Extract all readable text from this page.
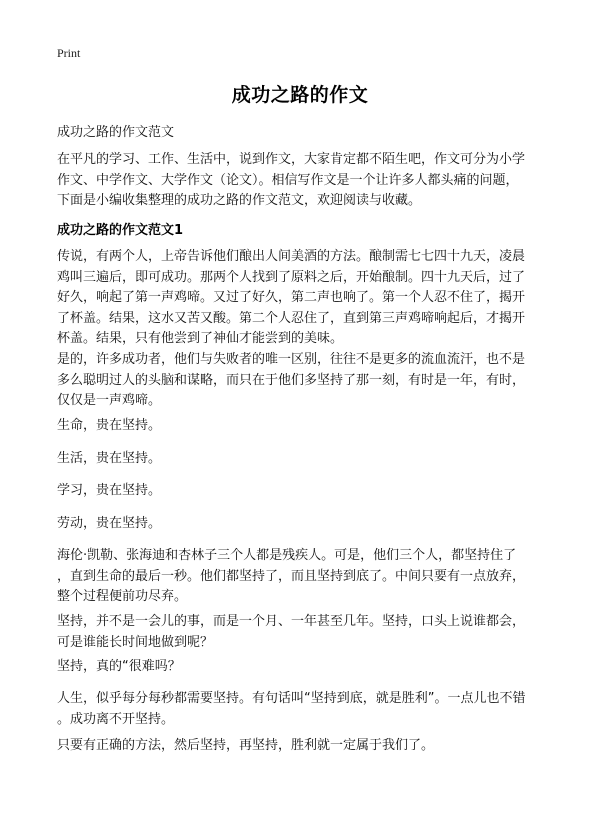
Print
成功之路的作文
成功之路的作文范文

在平凡的学习、工作、生活中，说到作文，大家肯定都不陌生吧，作文可分为小学
作文、中学作文、大学作文（论文）。相信写作文是一个让许多人都头痛的问题，
下面是小编收集整理的成功之路的作文范文，欢迎阅读与收藏。

成功之路的作文范文1

传说，有两个人，上帝告诉他们酿出人间美酒的方法。酿制需七七四十九天，凌晨
鸡叫三遍后，即可成功。那两个人找到了原料之后，开始酿制。四十九天后，过了
好久，响起了第一声鸡啼。又过了好久，第二声也响了。第一个人忍不住了，揭开
了杯盖。结果，这水又苦又酸。第二个人忍住了，直到第三声鸡啼响起后，才揭开
杯盖。结果，只有他尝到了神仙才能尝到的美味。

是的，许多成功者，他们与失败者的唯一区别，往往不是更多的流血流汗，也不是
多么聪明过人的头脑和谋略，而只在于他们多坚持了那一刻，有时是一年，有时，
仅仅是一声鸡啼。

生命，贵在坚持。

生活，贵在坚持。

学习，贵在坚持。

劳动，贵在坚持。

海伦·凯勒、张海迪和杏林子三个人都是残疾人。可是，他们三个人，都坚持住了
，直到生命的最后一秒。他们都坚持了，而且坚持到底了。中间只要有一点放弃，
整个过程便前功尽弃。

坚持，并不是一会儿的事，而是一个月、一年甚至几年。坚持，口头上说谁都会，
可是谁能长时间地做到呢？

坚持，真的“很难吗？

人生，似乎每分每秒都需要坚持。有句话叫“坚持到底，就是胜利”。一点儿也不错
。成功离不开坚持。

只要有正确的方法，然后坚持，再坚持，胜利就一定属于我们了。
